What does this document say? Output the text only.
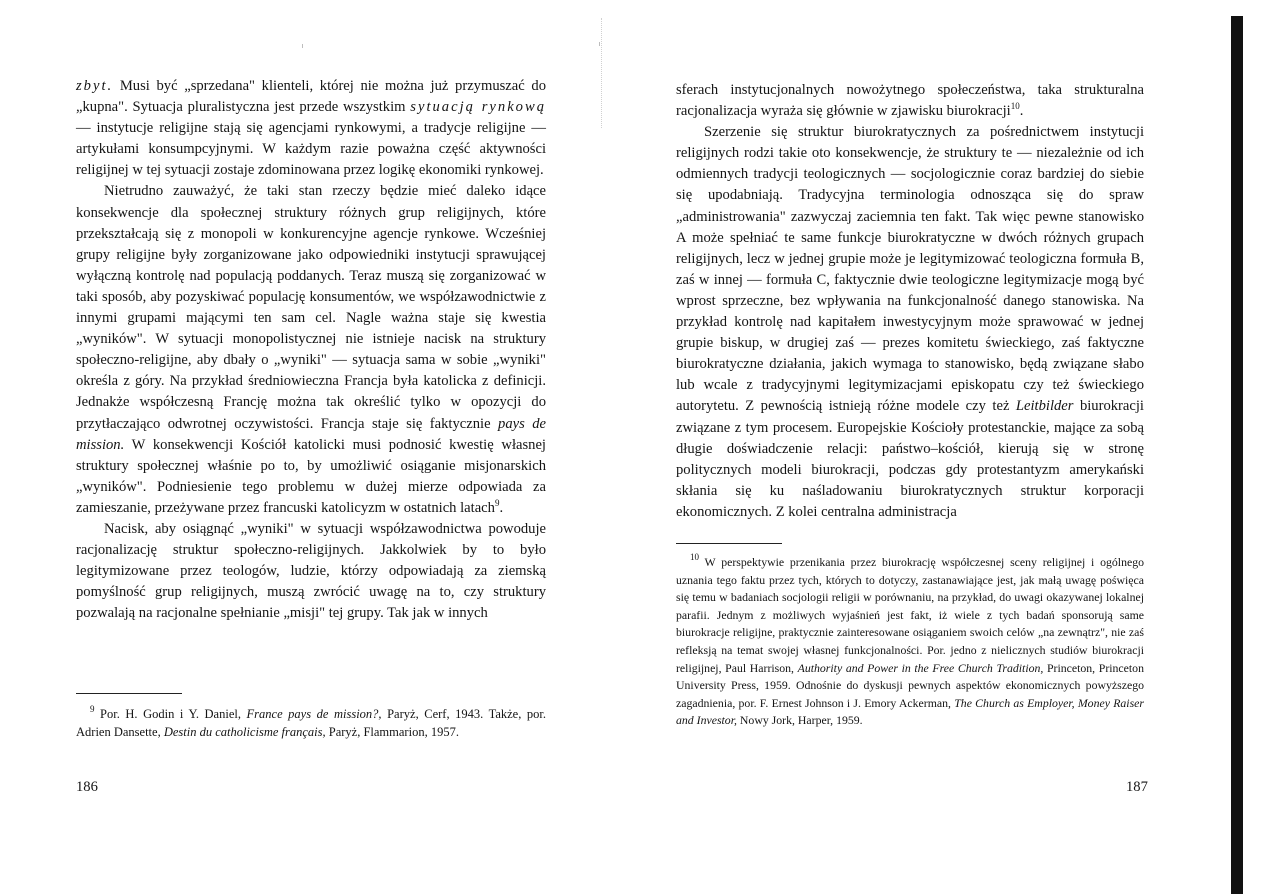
zbyt. Musi być „sprzedana" klienteli, której nie można już przymuszać do „kupna". Sytuacja pluralistyczna jest przede wszystkim sytuacją rynkową — instytucje religijne stają się agencjami rynkowymi, a tradycje religijne — artykułami konsumpcyjnymi. W każdym razie poważna część aktywności religijnej w tej sytuacji zostaje zdominowana przez logikę ekonomiki rynkowej.

Nietrudno zauważyć, że taki stan rzeczy będzie mieć daleko idące konsekwencje dla społecznej struktury różnych grup religijnych, które przekształcają się z monopoli w konkurencyjne agencje rynkowe. Wcześniej grupy religijne były zorganizowane jako odpowiedniki instytucji sprawującej wyłączną kontrolę nad populacją poddanych. Teraz muszą się zorganizować w taki sposób, aby pozyskiwać populację konsumentów, we współzawodnictwie z innymi grupami mającymi ten sam cel. Nagle ważna staje się kwestia „wyników". W sytuacji monopolistycznej nie istnieje nacisk na struktury społeczno-religijne, aby dbały o „wyniki" — sytuacja sama w sobie „wyniki" określa z góry. Na przykład średniowieczna Francja była katolicka z definicji. Jednakże współczesną Francję można tak określić tylko w opozycji do przytłaczająco odwrotnej oczywistości. Francja staje się faktycznie pays de mission. W konsekwencji Kościół katolicki musi podnosić kwestię własnej struktury społecznej właśnie po to, by umożliwić osiąganie misjonarskich „wyników". Podniesienie tego problemu w dużej mierze odpowiada za zamieszanie, przeżywane przez francuski katolicyzm w ostatnich latach$^9$.

Nacisk, aby osiągnąć „wyniki" w sytuacji współzawodnictwa powoduje racjonalizację struktur społeczno-religijnych. Jakkolwiek by to było legitymizowane przez teologów, ludzie, którzy odpowiadają za ziemską pomyślność grup religijnych, muszą zwrócić uwagę na to, czy struktury pozwalają na racjonalne spełnianie „misji" tej grupy. Tak jak w innych

$^9$ Por. H. Godin i Y. Daniel, France pays de mission?, Paryż, Cerf, 1943. Także, por. Adrien Dansette, Destin du catholicisme français, Paryż, Flammarion, 1957.

186

sferach instytucjonalnych nowożytnego społeczeństwa, taka strukturalna racjonalizacja wyraża się głównie w zjawisku biurokracji$^{10}$.

Szerzenie się struktur biurokratycznych za pośrednictwem instytucji religijnych rodzi takie oto konsekwencje, że struktury te — niezależnie od ich odmiennych tradycji teologicznych — socjologicznie coraz bardziej do siebie się upodabniają. Tradycyjna terminologia odnosząca się do spraw „administrowania" zazwyczaj zaciemnia ten fakt. Tak więc pewne stanowisko A może spełniać te same funkcje biurokratyczne w dwóch różnych grupach religijnych, lecz w jednej grupie może je legitymizować teologiczna formuła B, zaś w innej — formuła C, faktycznie dwie teologiczne legitymizacje mogą być wprost sprzeczne, bez wpływania na funkcjonalność danego stanowiska. Na przykład kontrolę nad kapitałem inwestycyjnym może sprawować w jednej grupie biskup, w drugiej zaś — prezes komitetu świeckiego, zaś faktyczne biurokratyczne działania, jakich wymaga to stanowisko, będą związane słabo lub wcale z tradycyjnymi legitymizacjami episkopatu czy też świeckiego autorytetu. Z pewnością istnieją różne modele czy też Leitbilder biurokracji związane z tym procesem. Europejskie Kościoły protestanckie, mające za sobą długie doświadczenie relacji: państwo–kościół, kierują się w stronę politycznych modeli biurokracji, podczas gdy protestantyzm amerykański skłania się ku naśladowaniu biurokratycznych struktur korporacji ekonomicznych. Z kolei centralna administracja

$^{10}$ W perspektywie przenikania przez biurokrację współczesnej sceny religijnej i ogólnego uznania tego faktu przez tych, których to dotyczy, zastanawiające jest, jak małą uwagę poświęca się temu w badaniach socjologii religii w porównaniu, na przykład, do uwagi okazywanej lokalnej parafii. Jednym z możliwych wyjaśnień jest fakt, iż wiele z tych badań sponsorują same biurokracje religijne, praktycznie zainteresowane osiąganiem swoich celów „na zewnątrz", nie zaś refleksją na temat swojej własnej funkcjonalności. Por. jedno z nielicznych studiów biurokracji religijnej, Paul Harrison, Authority and Power in the Free Church Tradition, Princeton, Princeton University Press, 1959. Odnośnie do dyskusji pewnych aspektów ekonomicznych powyższego zagadnienia, por. F. Ernest Johnson i J. Emory Ackerman, The Church as Employer, Money Raiser and Investor, Nowy Jork, Harper, 1959.

187
